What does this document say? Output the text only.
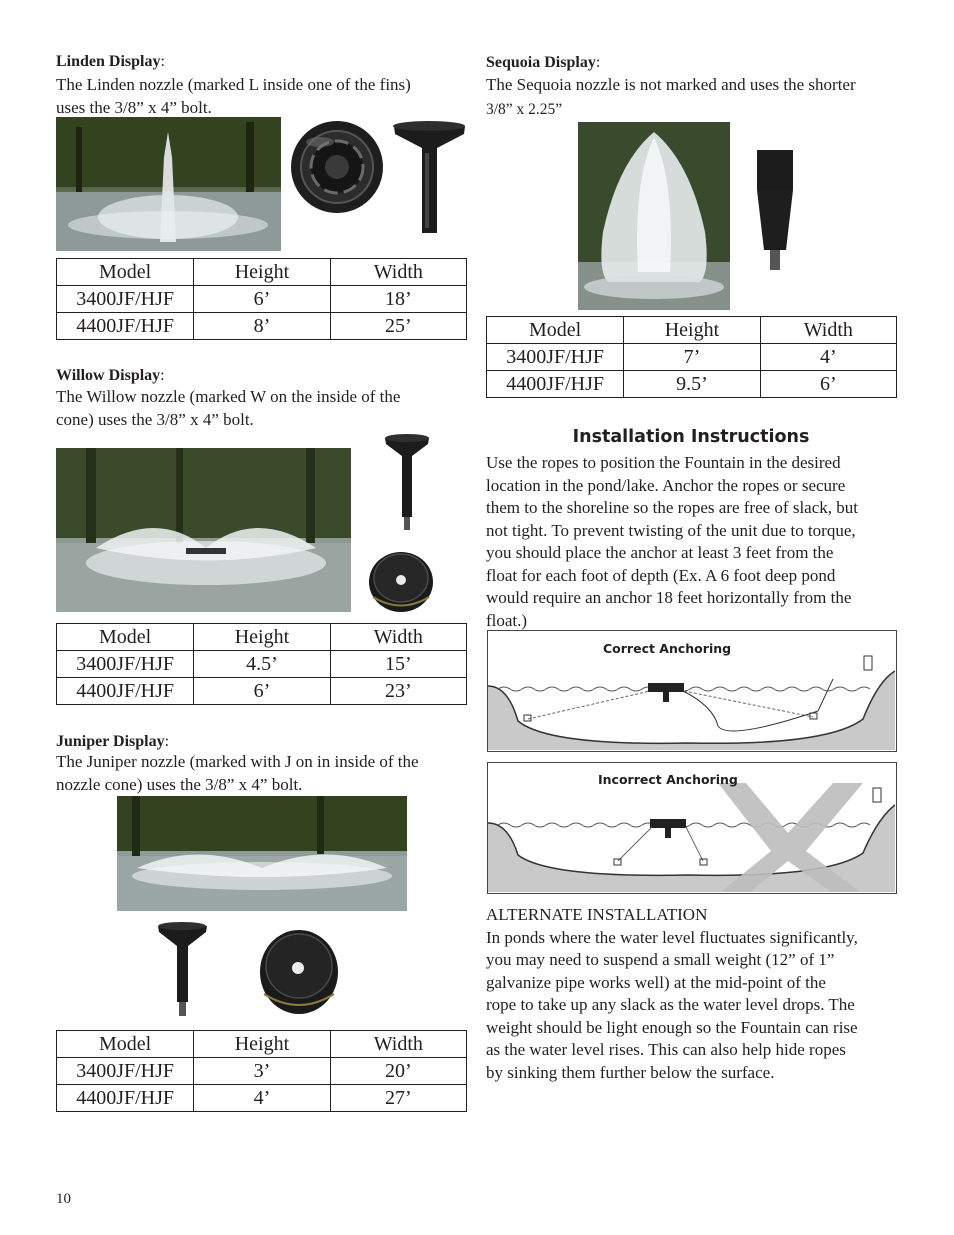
Linden Display:
The Linden nozzle (marked L inside one of the fins)
uses the 3/8” x 4” bolt.
Model	Height	Width
3400JF/HJF	6’	18’
4400JF/HJF	8’	25’
Willow Display:
The Willow nozzle (marked W on the inside of the
cone) uses the 3/8” x 4” bolt.
Model	Height	Width
3400JF/HJF	4.5’	15’
4400JF/HJF	6’	23’
Juniper Display:
The Juniper nozzle (marked with J on in inside of the
nozzle cone) uses the 3/8” x 4” bolt.
Model	Height	Width
3400JF/HJF	3’	20’
4400JF/HJF	4’	27’
10
Sequoia Display:
The Sequoia nozzle is not marked and uses the shorter
3/8” x 2.25”
Model	Height	Width
3400JF/HJF	7’	4’
4400JF/HJF	9.5’	6’
Installation Instructions
Use the ropes to position the Fountain in the desired
location in the pond/lake. Anchor the ropes or secure
them to the shoreline so the ropes are free of slack, but
not tight. To prevent twisting of the unit due to torque,
you should place the anchor at least 3 feet from the
float for each foot of depth (Ex. A 6 foot deep pond
would require an anchor 18 feet horizontally from the
float.)
Correct Anchoring
Incorrect Anchoring
ALTERNATE INSTALLATION
In ponds where the water level fluctuates significantly,
you may need to suspend a small weight (12” of 1”
galvanize pipe works well) at the mid-point of the
rope to take up any slack as the water level drops. The
weight should be light enough so the Fountain can rise
as the water level rises. This can also help hide ropes
by sinking them further below the surface.
